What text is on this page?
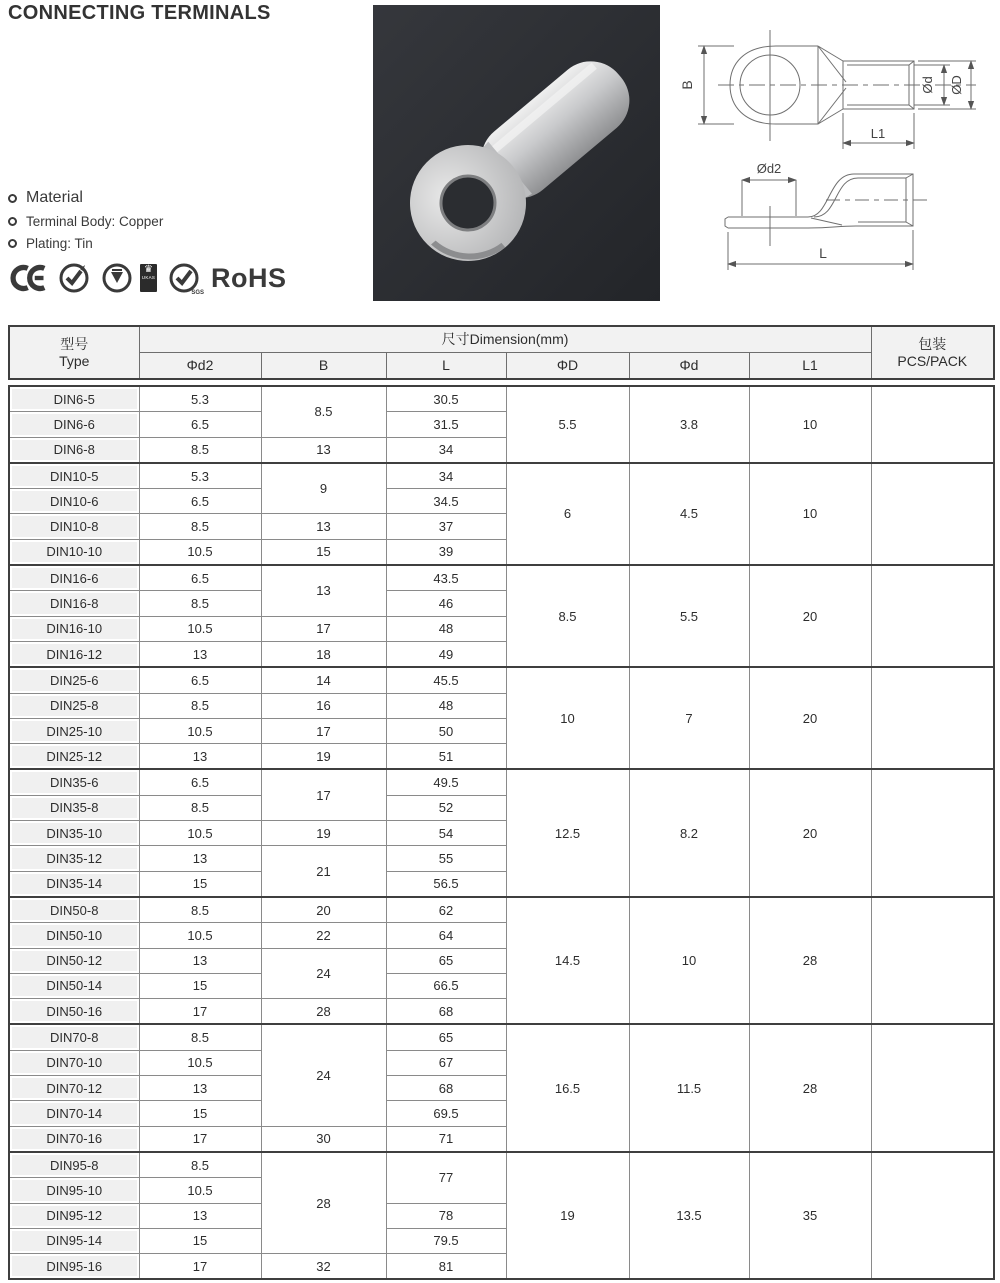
CONNECTING TERMINALS
Material
Terminal Body: Copper
Plating: Tin
♛
UKAS
SGS
RoHS
B	Ød ØD
L1
Ød2
L
型号
Type
	尺寸Dimension(mm)	包装
PCS/PACK

	Φd2	B	L	ΦD	Φd	L1	
DIN6-5	5.3	8.5	30.5	5.5	3.8	10	
DIN6-6	6.5		31.5				
DIN6-8	8.5	13	34				
DIN10-5	5.3	9	34	6	4.5	10	
DIN10-6	6.5		34.5				
DIN10-8	8.5	13	37				
DIN10-10	10.5	15	39				
DIN16-6	6.5	13	43.5	8.5	5.5	20	
DIN16-8	8.5		46				
DIN16-10	10.5	17	48				
DIN16-12	13	18	49				
DIN25-6	6.5	14	45.5	10	7	20	
DIN25-8	8.5	16	48				
DIN25-10	10.5	17	50				
DIN25-12	13	19	51				
DIN35-6	6.5	17	49.5	12.5	8.2	20	
DIN35-8	8.5		52				
DIN35-10	10.5	19	54				
DIN35-12	13	21	55				
DIN35-14	15		56.5				
DIN50-8	8.5	20	62	14.5	10	28	
DIN50-10	10.5	22	64				
DIN50-12	13	24	65				
DIN50-14	15		66.5				
DIN50-16	17	28	68				
DIN70-8	8.5	24	65	16.5	11.5	28	
DIN70-10	10.5		67				
DIN70-12	13		68				
DIN70-14	15		69.5				
DIN70-16	17	30	71				
DIN95-8	8.5	28	77	19	13.5	35	
DIN95-10	10.5						
DIN95-12	13		78				
DIN95-14	15		79.5				
DIN95-16	17	32	81				
